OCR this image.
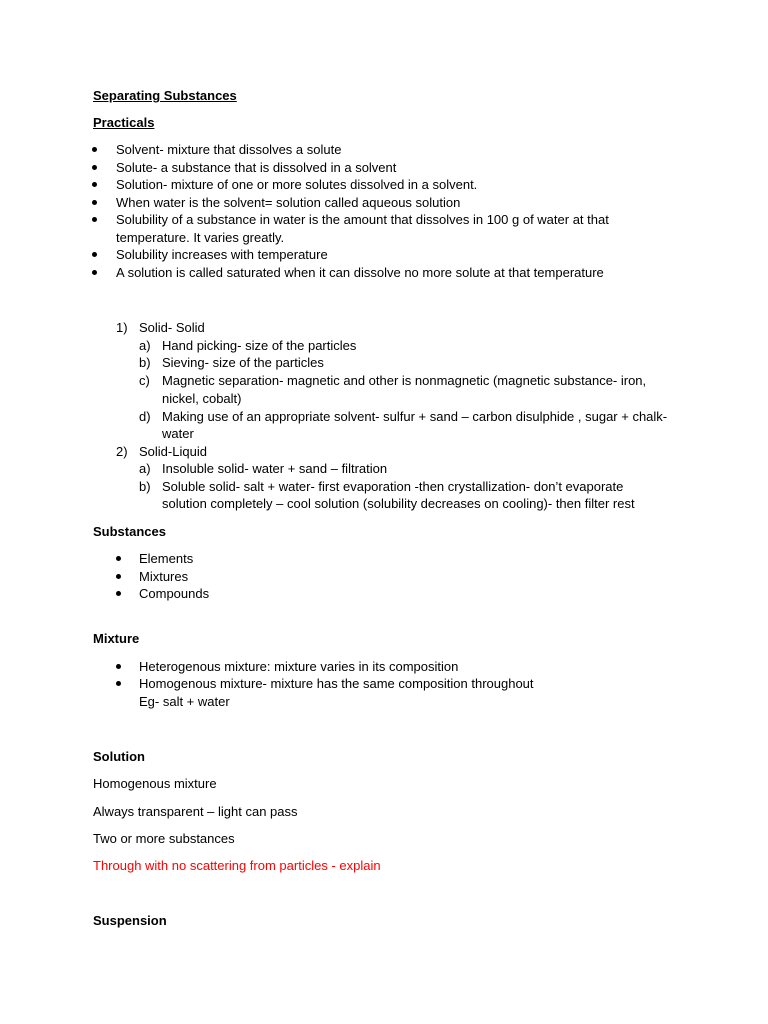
Separating Substances
Practicals
Solvent- mixture that dissolves a solute
Solute- a substance that is dissolved in a solvent
Solution- mixture of one or more solutes dissolved in a solvent.
When water is the solvent= solution called aqueous solution
Solubility of a substance in water is the amount that dissolves in 100 g of water at that
temperature. It varies greatly.
Solubility increases with temperature
A solution is called saturated when it can dissolve no more solute at that temperature
1) Solid- Solid
a) Hand picking- size of the particles
b) Sieving- size of the particles
c) Magnetic separation- magnetic and other is nonmagnetic (magnetic substance- iron,
nickel, cobalt)
d) Making use of an appropriate solvent- sulfur + sand – carbon disulphide , sugar + chalk-
water
2) Solid-Liquid
a) Insoluble solid- water + sand – filtration
b) Soluble solid- salt + water- first evaporation -then crystallization- don’t evaporate
solution completely – cool solution (solubility decreases on cooling)- then filter rest
Substances
Elements
Mixtures
Compounds
Mixture
Heterogenous mixture: mixture varies in its composition
Homogenous mixture- mixture has the same composition throughout
Eg- salt + water
Solution
Homogenous mixture
Always transparent – light can pass
Two or more substances
Through with no scattering from particles - explain
Suspension
